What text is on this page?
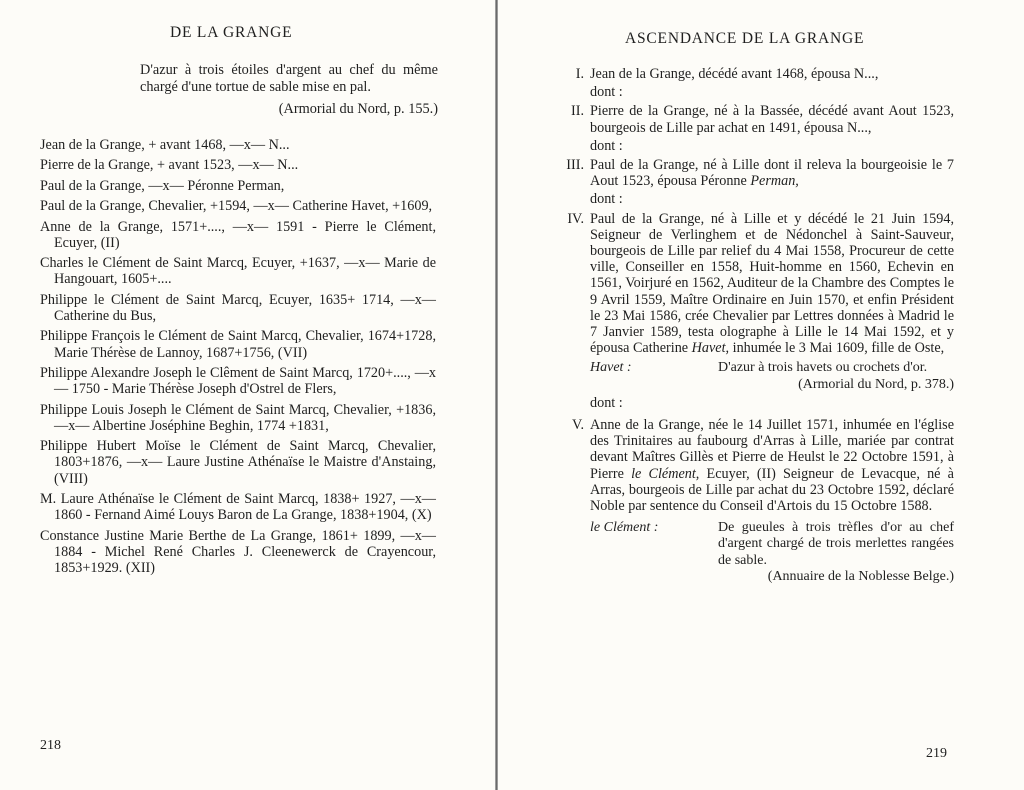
DE LA GRANGE
D'azur à trois étoiles d'argent au chef du même chargé d'une tortue de sable mise en pal.
(Armorial du Nord, p. 155.)

Jean de la Grange, + avant 1468, —x— N...

Pierre de la Grange, + avant 1523, —x— N...

Paul de la Grange, —x— Péronne Perman,

Paul de la Grange, Chevalier, +1594, —x— Catherine Havet, +1609,

Anne de la Grange, 1571+...., —x— 1591 - Pierre le Clément, Ecuyer, (II)

Charles le Clément de Saint Marcq, Ecuyer, +1637, —x— Marie de Hangouart, 1605+....

Philippe le Clément de Saint Marcq, Ecuyer, 1635+ 1714, —x— Catherine du Bus,

Philippe François le Clément de Saint Marcq, Chevalier, 1674+1728, Marie Thérèse de Lannoy, 1687+1756, (VII)

Philippe Alexandre Joseph le Clêment de Saint Marcq, 1720+...., —x— 1750 - Marie Thérèse Joseph d'Ostrel de Flers,

Philippe Louis Joseph le Clément de Saint Marcq, Chevalier, +1836, —x— Albertine Joséphine Beghin, 1774 +1831,

Philippe Hubert Moïse le Clément de Saint Marcq, Chevalier, 1803+1876, —x— Laure Justine Athénaïse le Maistre d'Anstaing, (VIII)

M. Laure Athénaïse le Clément de Saint Marcq, 1838+ 1927, —x— 1860 - Fernand Aimé Louys Baron de La Grange, 1838+1904, (X)

Constance Justine Marie Berthe de La Grange, 1861+ 1899, —x— 1884 - Michel René Charles J. Cleenewerck de Crayencour, 1853+1929. (XII)

218
ASCENDANCE DE LA GRANGE
I. Jean de la Grange, décédé avant 1468, épousa N...,
dont :
II. Pierre de la Grange, né à la Bassée, décédé avant Aout 1523, bourgeois de Lille par achat en 1491, épousa N...,
dont :
III. Paul de la Grange, né à Lille dont il releva la bourgeoisie le 7 Aout 1523, épousa Péronne Perman,
dont :
IV. Paul de la Grange, né à Lille et y décédé le 21 Juin 1594, Seigneur de Verlinghem et de Nédonchel à Saint-Sauveur, bourgeois de Lille par relief du 4 Mai 1558, Procureur de cette ville, Conseiller en 1558, Huit-homme en 1560, Echevin en 1561, Voirjuré en 1562, Auditeur de la Chambre des Comptes le 9 Avril 1559, Maître Ordinaire en Juin 1570, et enfin Président le 23 Mai 1586, crée Chevalier par Lettres données à Madrid le 7 Janvier 1589, testa olographe à Lille le 14 Mai 1592, et y épousa Catherine Havet, inhumée le 3 Mai 1609, fille de Oste,
Havet :	D'azur à trois havets ou crochets d'or.
(Armorial du Nord, p. 378.)
dont :
V. Anne de la Grange, née le 14 Juillet 1571, inhumée en l'église des Trinitaires au faubourg d'Arras à Lille, mariée par contrat devant Maîtres Gillès et Pierre de Heulst le 22 Octobre 1591, à Pierre le Clément, Ecuyer, (II) Seigneur de Levacque, né à Arras, bourgeois de Lille par achat du 23 Octobre 1592, déclaré Noble par sentence du Conseil d'Artois du 15 Octobre 1588.
le Clément :	De gueules à trois trèfles d'or au chef d'argent chargé de trois merlettes rangées de sable.
(Annuaire de la Noblesse Belge.)
219
